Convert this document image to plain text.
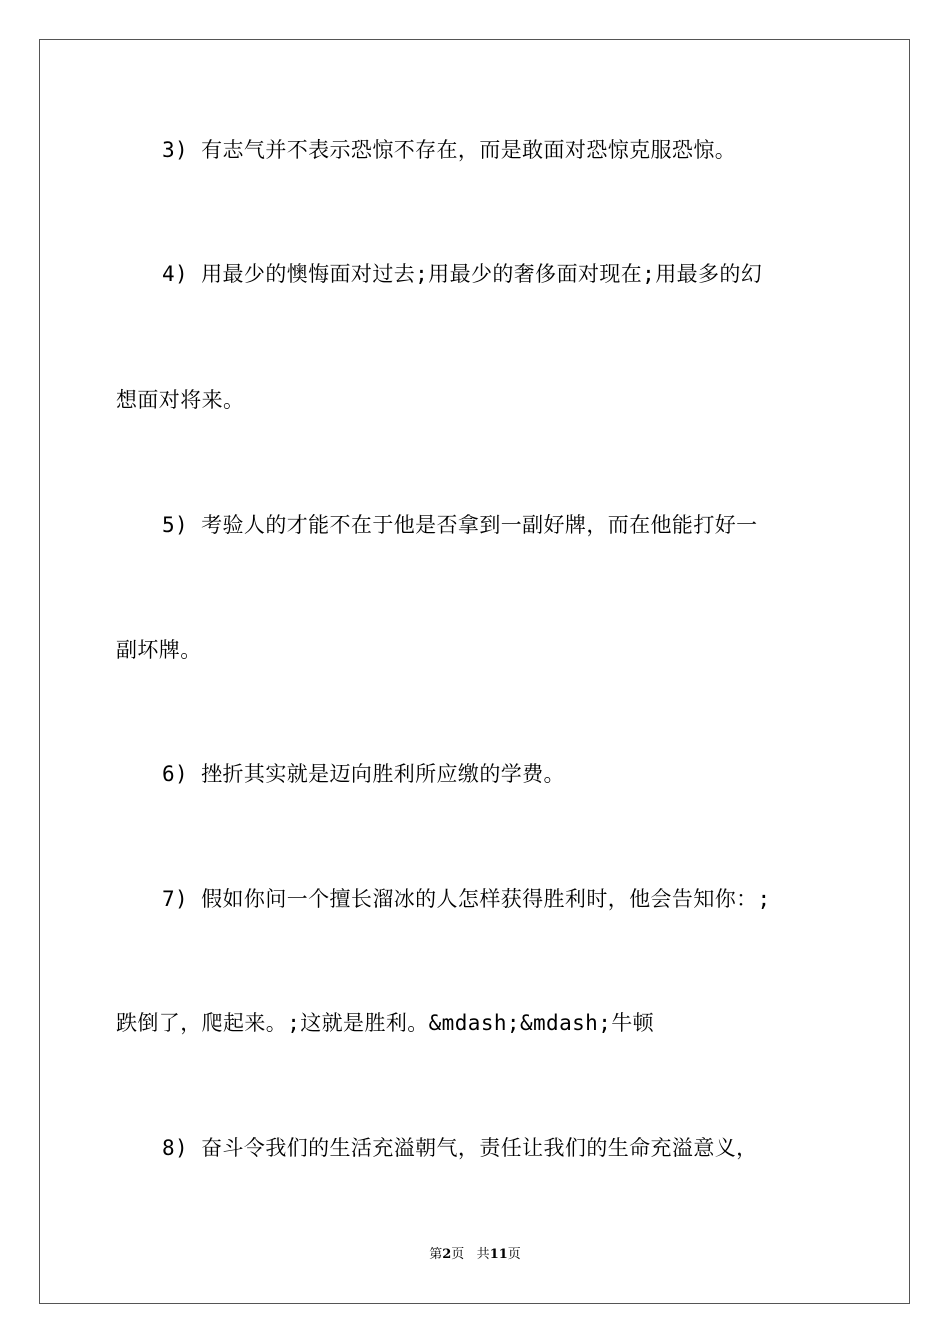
3) 有志气并不表示恐惊不存在，而是敢面对恐惊克服恐惊。
4) 用最少的懊悔面对过去;用最少的奢侈面对现在;用最多的幻
想面对将来。
5) 考验人的才能不在于他是否拿到一副好牌，而在他能打好一
副坏牌。
6) 挫折其实就是迈向胜利所应缴的学费。
7) 假如你问一个擅长溜冰的人怎样获得胜利时，他会告知你：;
跌倒了，爬起来。;这就是胜利。&mdash;&mdash;牛顿
8) 奋斗令我们的生活充溢朝气，责任让我们的生命充溢意义，
第2页 共11页
